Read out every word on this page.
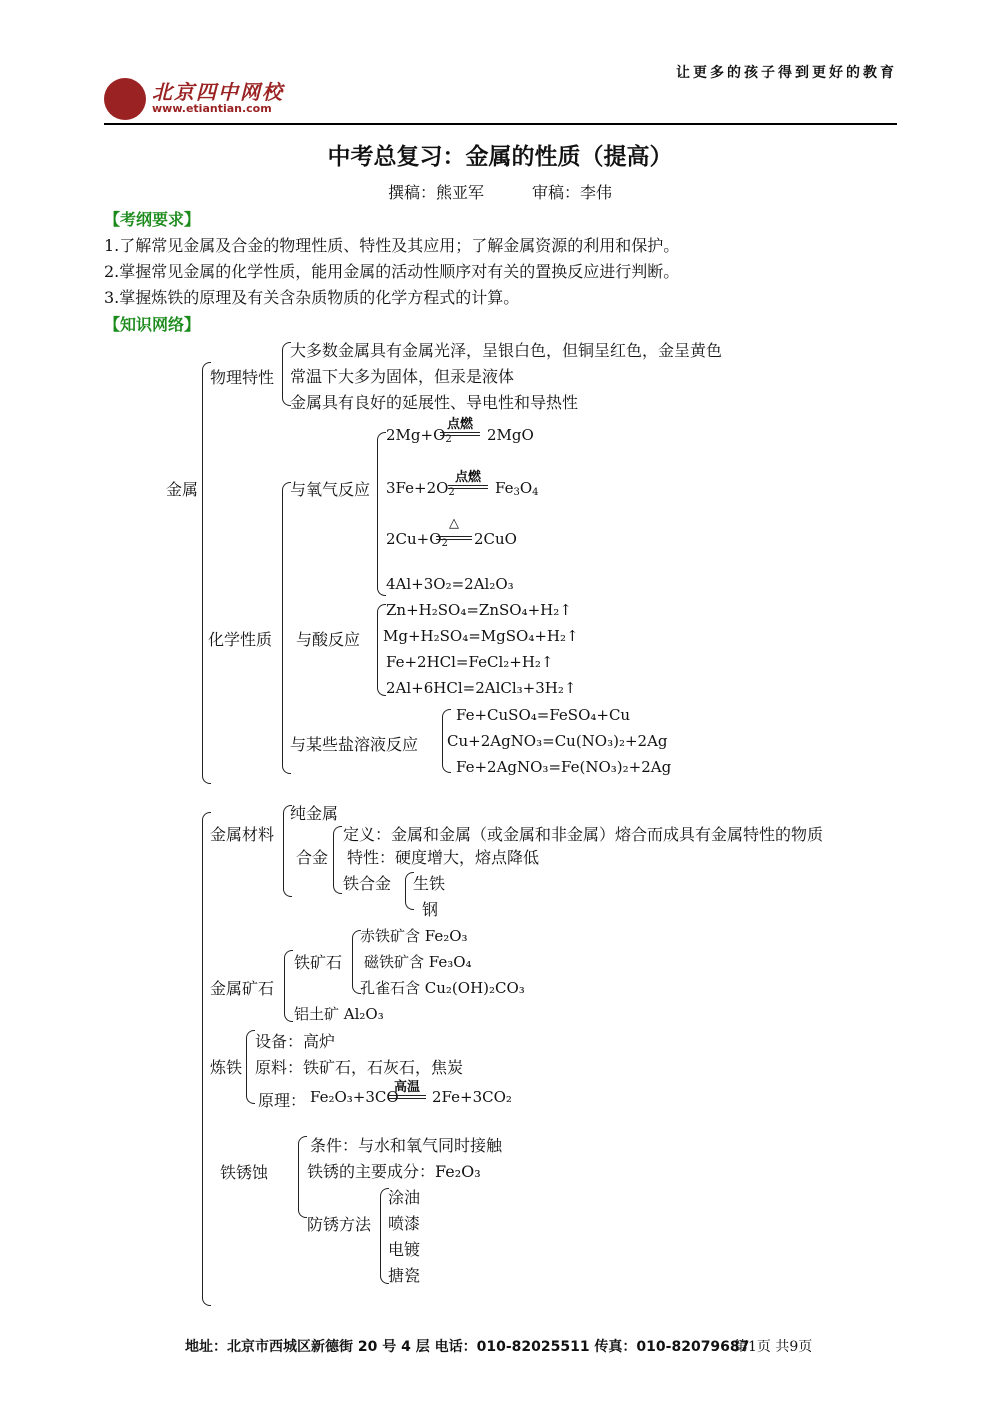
北京四中网校
www.etiantian.com
让更多的孩子得到更好的教育
中考总复习：金属的性质（提高）
撰稿：熊亚军　　　审稿：李伟
【考纲要求】
1.了解常见金属及合金的物理性质、特性及其应用；了解金属资源的利用和保护。
2.掌握常见金属的化学性质，能用金属的活动性顺序对有关的置换反应进行判断。
3.掌握炼铁的原理及有关含杂质物质的化学方程式的计算。
【知识网络】
金属
物理特性
大多数金属具有金属光泽，呈银白色，但铜呈红色，金呈黄色
常温下大多为固体，但汞是液体
金属具有良好的延展性、导电性和导热性
化学性质
与氧气反应
$2Mg+O_2$
点燃
2MgO
$3Fe+2O_2$
点燃
$Fe_3O_4$
$2Cu+O_2$
△
2CuO
4Al+3O₂=2Al₂O₃
与酸反应
Zn+H₂SO₄=ZnSO₄+H₂↑
Mg+H₂SO₄=MgSO₄+H₂↑
Fe+2HCl=FeCl₂+H₂↑
2Al+6HCl=2AlCl₃+3H₂↑
与某些盐溶液反应
Fe+CuSO₄=FeSO₄+Cu
Cu+2AgNO₃=Cu(NO₃)₂+2Ag
Fe+2AgNO₃=Fe(NO₃)₂+2Ag
金属材料
纯金属
合金
定义：金属和金属（或金属和非金属）熔合而成具有金属特性的物质
特性：硬度增大，熔点降低
铁合金 生铁
钢
金属矿石
铁矿石
赤铁矿含 Fe₂O₃
磁铁矿含 Fe₃O₄
孔雀石含 Cu₂(OH)₂CO₃
铝土矿 Al₂O₃
炼铁
设备：高炉
原料：铁矿石，石灰石，焦炭
原理： Fe₂O₃+3CO
高温
2Fe+3CO₂
铁锈蚀
条件：与水和氧气同时接触
铁锈的主要成分：Fe₂O₃
防锈方法
涂油
喷漆
电镀
搪瓷
地址：北京市西城区新德街 20 号 4 层 电话：010-82025511 传真：010-82079687
第1页 共9页
